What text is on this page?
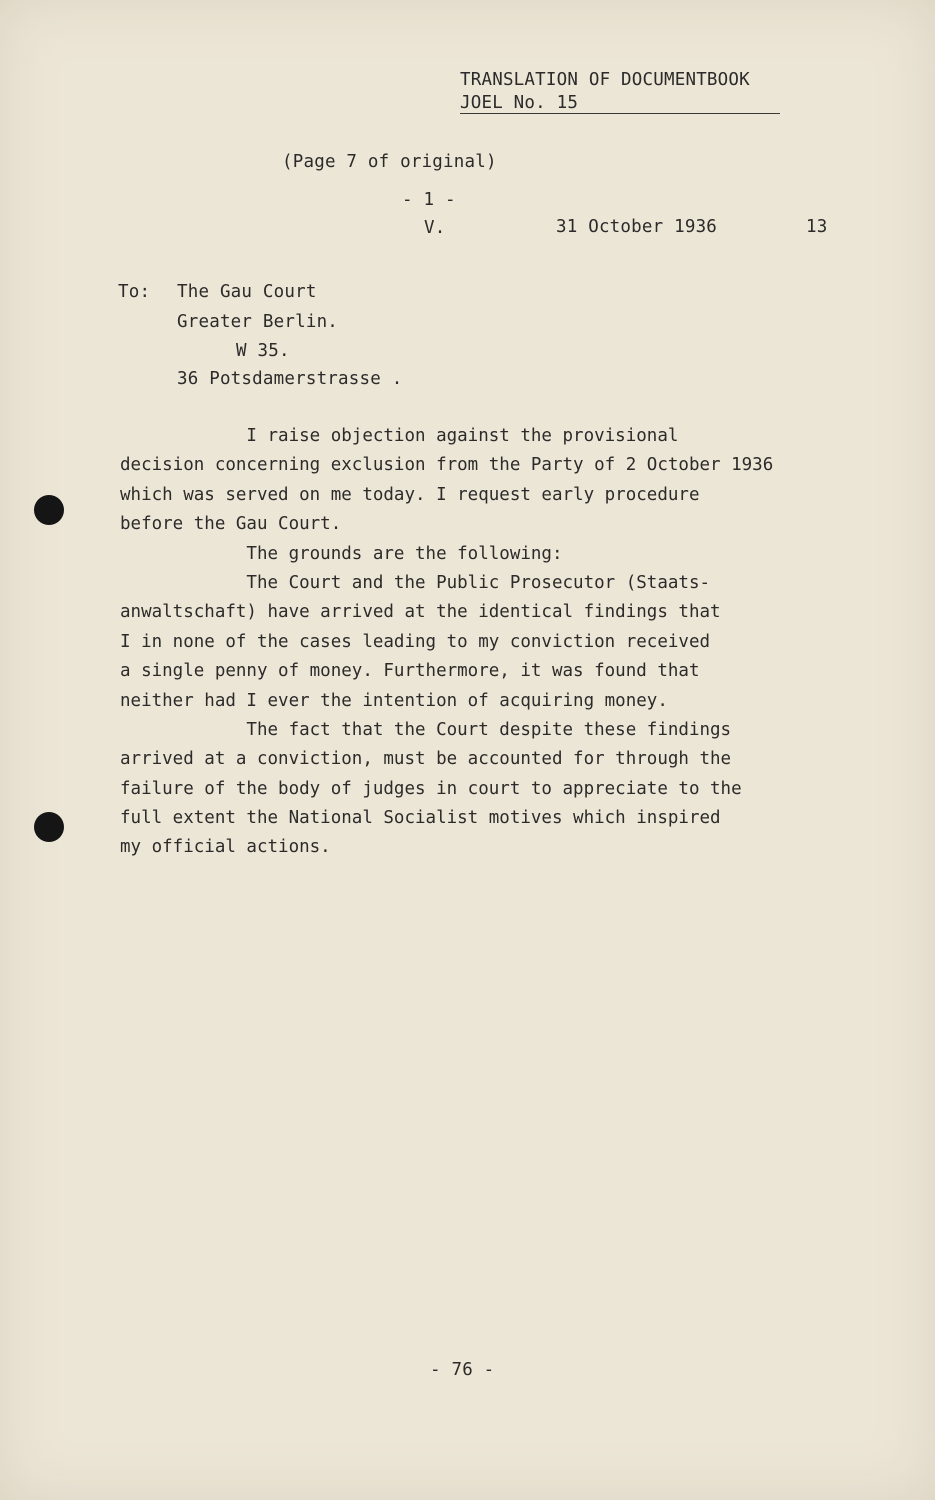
TRANSLATION OF DOCUMENTBOOK
JOEL No. 15
(Page 7 of original)
- 1 -
V.	31 October 1936	13
To: The Gau Court
Greater Berlin.
W 35.
36 Potsdamerstrasse .
I raise objection against the provisional
decision concerning exclusion from the Party of 2 October 1936
which was served on me today. I request early procedure
before the Gau Court.
The grounds are the following:
The Court and the Public Prosecutor (Staats-
anwaltschaft) have arrived at the identical findings that
I in none of the cases leading to my conviction received
a single penny of money. Furthermore, it was found that
neither had I ever the intention of acquiring money.
The fact that the Court despite these findings
arrived at a conviction, must be accounted for through the
failure of the body of judges in court to appreciate to the
full extent the National Socialist motives which inspired
my official actions.
- 76 -
